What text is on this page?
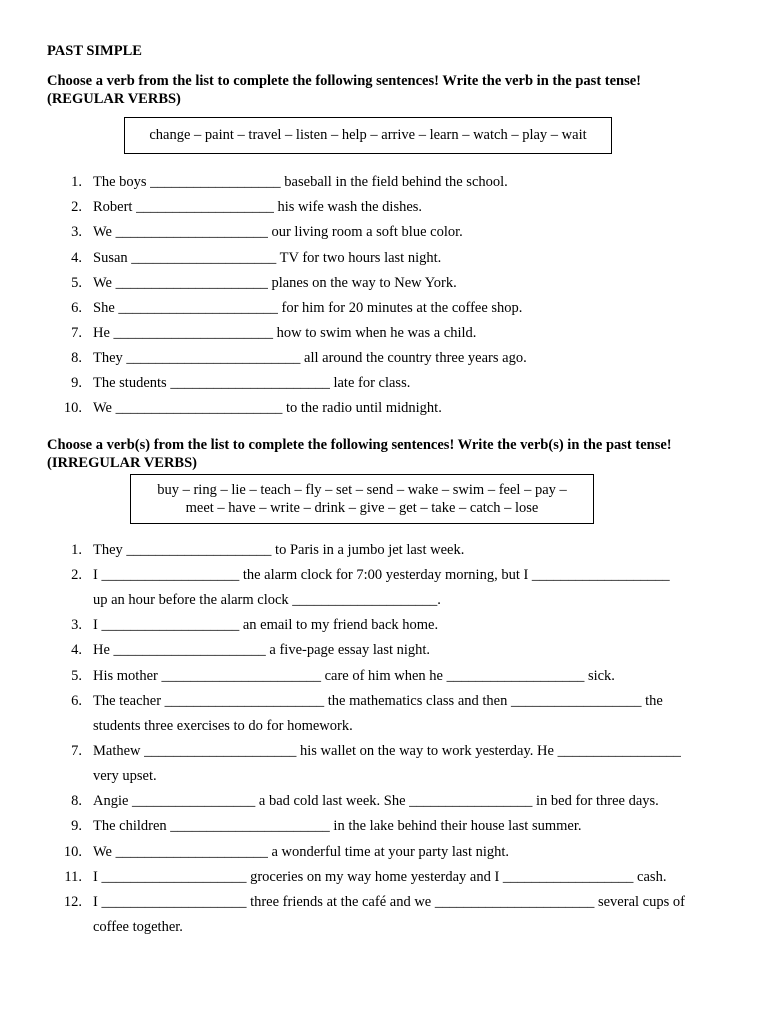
PAST SIMPLE
Choose a verb from the list to complete the following sentences! Write the verb in the past tense!
(REGULAR VERBS)
change – paint – travel – listen – help – arrive – learn – watch – play – wait
1. The boys __________________ baseball in the field behind the school.
2. Robert ___________________ his wife wash the dishes.
3. We _____________________ our living room a soft blue color.
4. Susan ____________________ TV for two hours last night.
5. We _____________________ planes on the way to New York.
6. She ______________________ for him for 20 minutes at the coffee shop.
7. He ______________________ how to swim when he was a child.
8. They ________________________ all around the country three years ago.
9. The students ______________________ late for class.
10. We _______________________ to the radio until midnight.
Choose a verb(s) from the list to complete the following sentences! Write the verb(s) in the past tense!
(IRREGULAR VERBS)
buy – ring – lie – teach – fly – set – send – wake – swim – feel – pay –
meet – have – write – drink – give – get – take – catch – lose
1. They ____________________ to Paris in a jumbo jet last week.
2. I ___________________ the alarm clock for 7:00 yesterday morning, but I ___________________
up an hour before the alarm clock ____________________.
3. I ___________________ an email to my friend back home.
4. He _____________________ a five-page essay last night.
5. His mother ______________________ care of him when he ___________________ sick.
6. The teacher ______________________ the mathematics class and then __________________ the
students three exercises to do for homework.
7. Mathew _____________________ his wallet on the way to work yesterday. He _________________
very upset.
8. Angie _________________ a bad cold last week. She _________________ in bed for three days.
9. The children ______________________ in the lake behind their house last summer.
10. We _____________________ a wonderful time at your party last night.
11. I ____________________ groceries on my way home yesterday and I __________________ cash.
12. I ____________________ three friends at the café and we ______________________ several cups of
coffee together.
